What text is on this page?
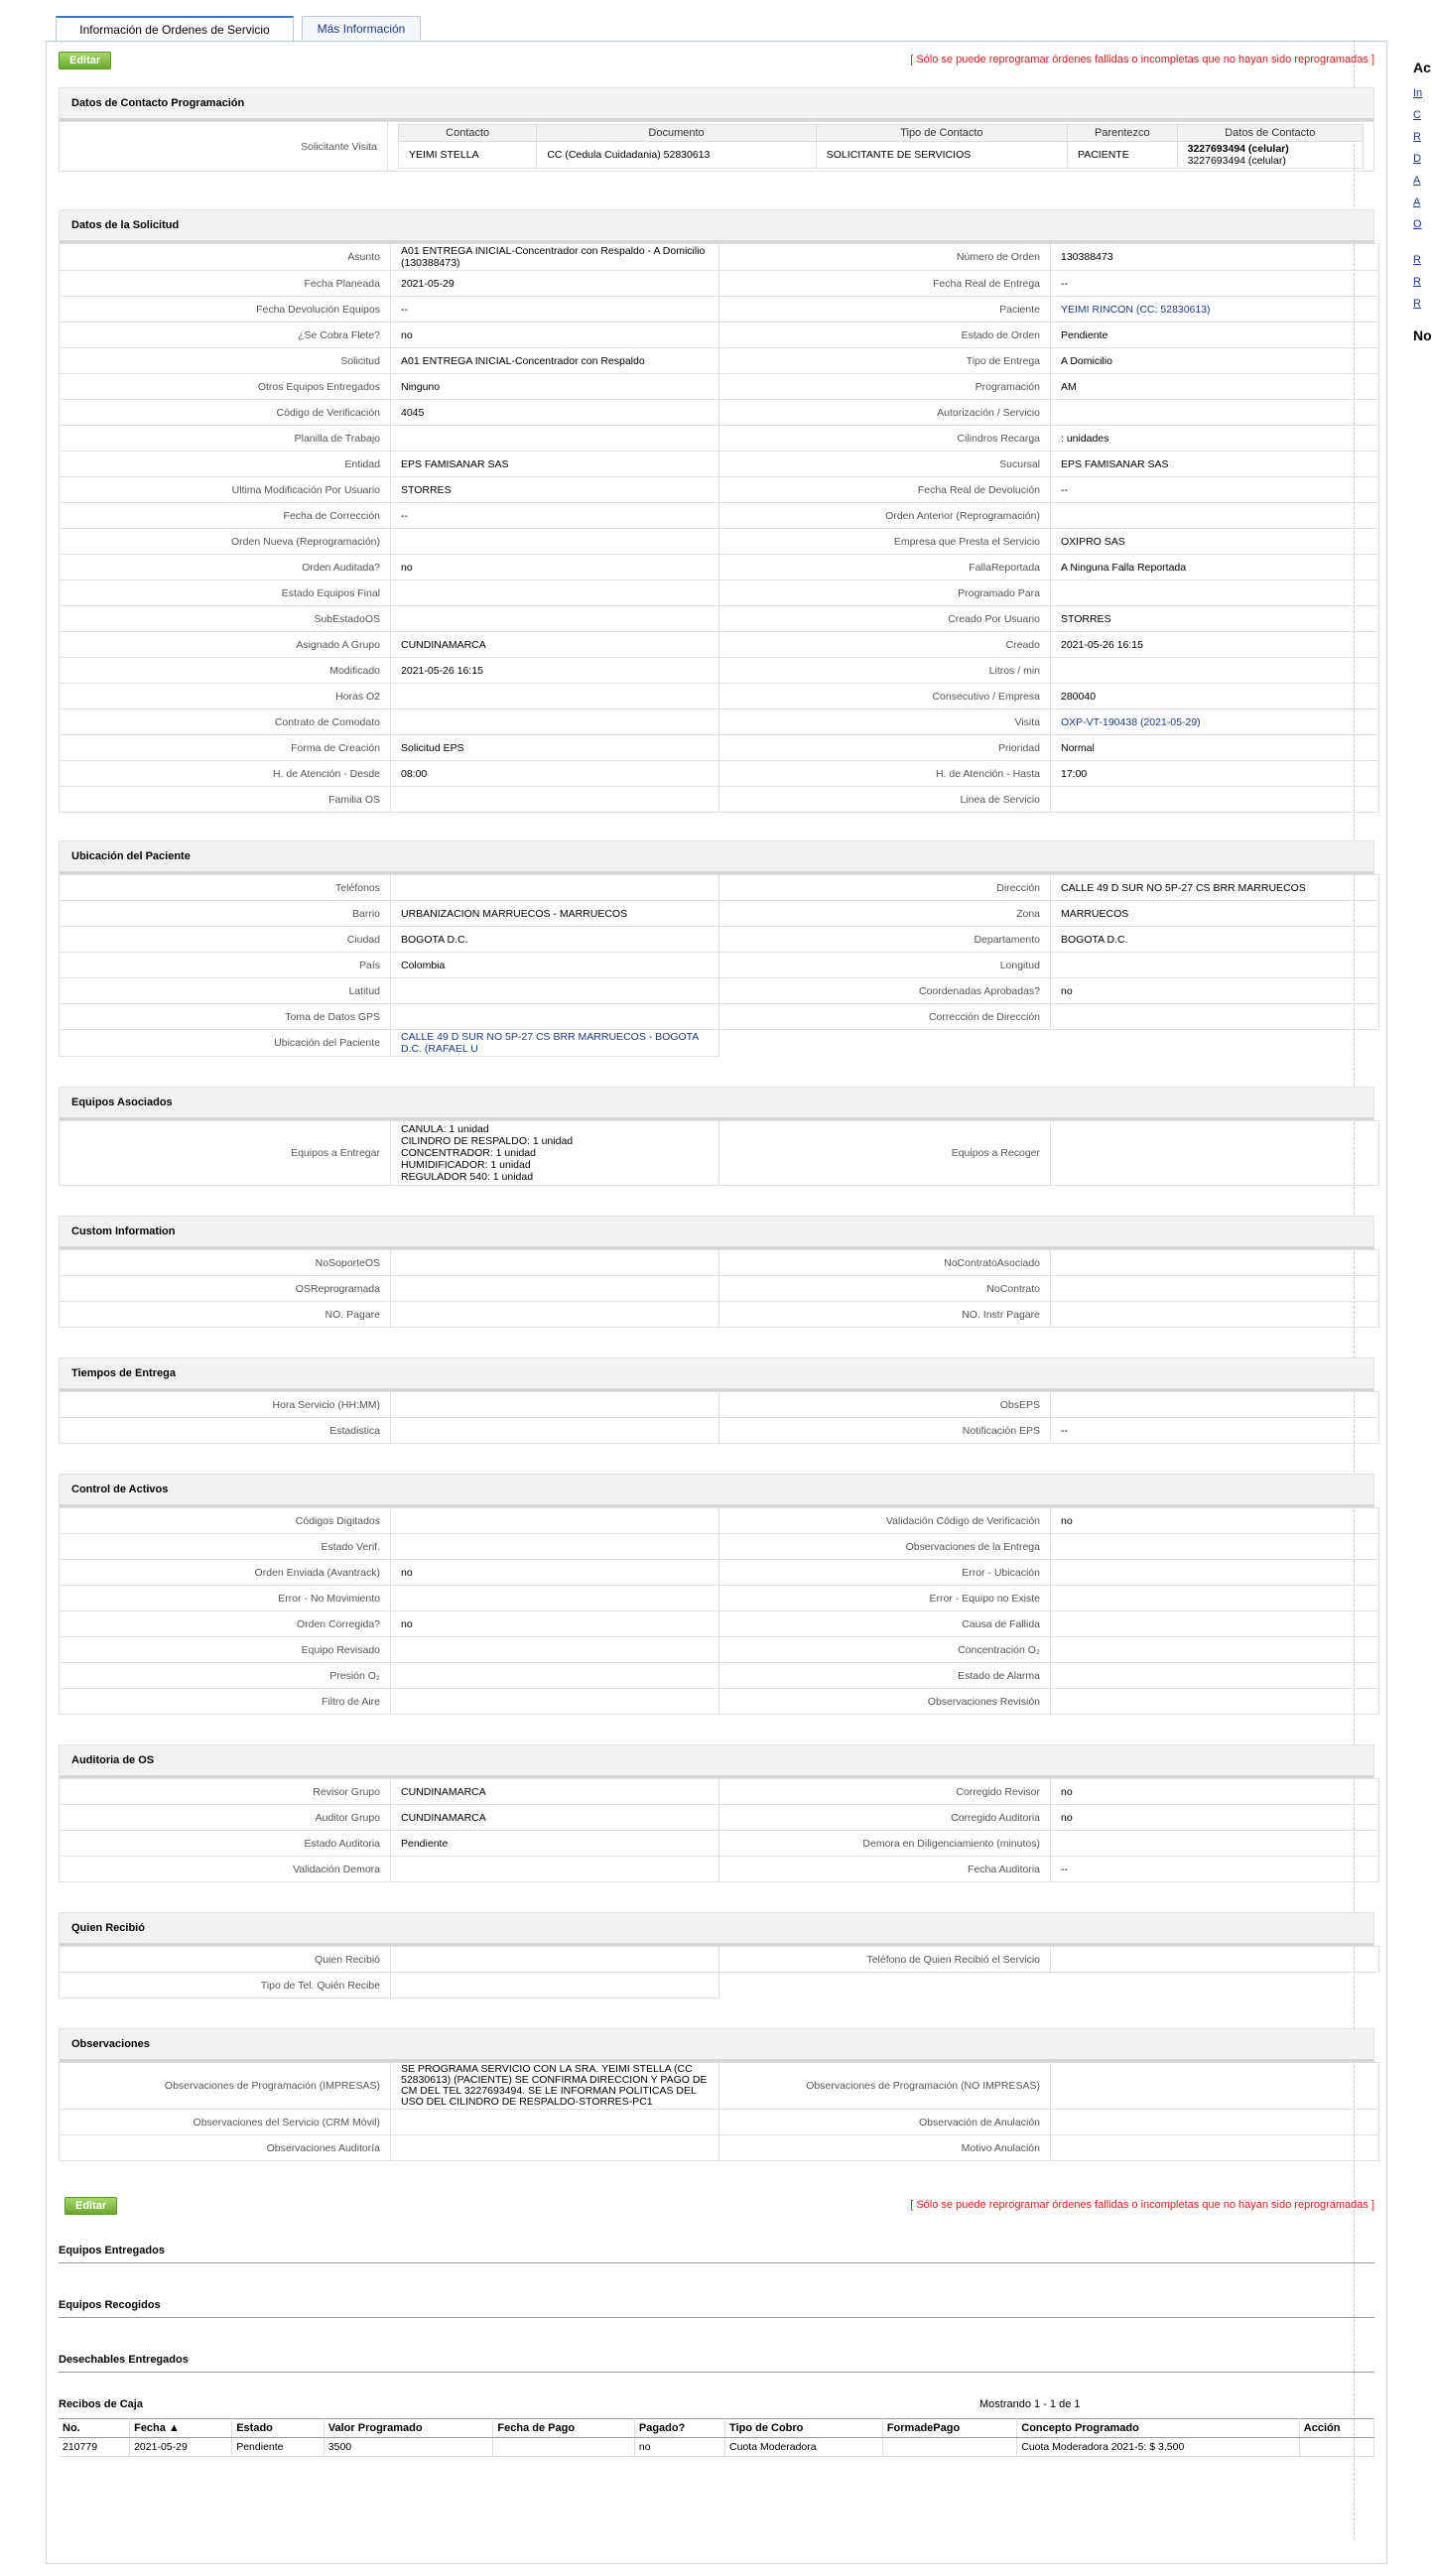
Ac
In
C
R
D
A
A
O
R
R
R
No
Información de Ordenes de Servicio	Más Información
Editar	[ Sólo se puede reprogramar órdenes fallidas o incompletas que no hayan sido reprogramadas ]
Datos de Contacto Programación
Solicitante Visita	
Contacto	Documento	Tipo de Contacto	Parentezco	Datos de Contacto
YEIMI STELLA	CC (Cedula Cuidadania) 52830613	SOLICITANTE DE SERVICIOS	PACIENTE	3227693494 (celular)
3227693494 (celular)
Datos de la Solicitud
Asunto	A01 ENTREGA INICIAL-Concentrador con Respaldo - A Domicilio (130388473)	Número de Orden	130388473
Fecha Planeada	2021-05-29	Fecha Real de Entrega	--
Fecha Devolución Equipos	--	Paciente	YEIMI RINCON (CC: 52830613)
¿Se Cobra Flete?	no	Estado de Orden	Pendiente
Solicitud	A01 ENTREGA INICIAL-Concentrador con Respaldo	Tipo de Entrega	A Domicilio
Otros Equipos Entregados	Ninguno	Programación	AM
Código de Verificación	4045	Autorización / Servicio	
Planilla de Trabajo		Cilindros Recarga	: unidades
Entidad	EPS FAMISANAR SAS	Sucursal	EPS FAMISANAR SAS
Ultima Modificación Por Usuario	STORRES	Fecha Real de Devolución	--
Fecha de Corrección	--	Orden Anterior (Reprogramación)	
Orden Nueva (Reprogramación)		Empresa que Presta el Servicio	OXIPRO SAS
Orden Auditada?	no	FallaReportada	A Ninguna Falla Reportada
Estado Equipos Final		Programado Para	
SubEstadoOS		Creado Por Usuario	STORRES
Asignado A Grupo	CUNDINAMARCA	Creado	2021-05-26 16:15
Modificado	2021-05-26 16:15	Litros / min	
Horas O2		Consecutivo / Empresa	280040
Contrato de Comodato		Visita	OXP-VT-190438 (2021-05-29)
Forma de Creación	Solicitud EPS	Prioridad	Normal
H. de Atención - Desde	08:00	H. de Atención - Hasta	17:00
Familia OS		Linea de Servicio	
Ubicación del Paciente
Teléfonos		Dirección	CALLE 49 D SUR NO 5P-27 CS BRR MARRUECOS
Barrio	URBANIZACION MARRUECOS - MARRUECOS	Zona	MARRUECOS
Ciudad	BOGOTA D.C.	Departamento	BOGOTA D.C.
País	Colombia	Longitud	
Latitud		Coordenadas Aprobadas?	no
Toma de Datos GPS		Corrección de Dirección	
Ubicación del Paciente	CALLE 49 D SUR NO 5P-27 CS BRR MARRUECOS - BOGOTA D.C. (RAFAEL U		
Equipos Asociados
Equipos a Entregar	CANULA: 1 unidad
CILINDRO DE RESPALDO: 1 unidad
CONCENTRADOR: 1 unidad
HUMIDIFICADOR: 1 unidad
REGULADOR 540: 1 unidad	Equipos a Recoger	
Custom Information
NoSoporteOS		NoContratoAsociado	
OSReprogramada		NoContrato	
NO. Pagare		NO. Instr Pagare	
Tiempos de Entrega
Hora Servicio (HH:MM)		ObsEPS	
Estadistica		Notificación EPS	--
Control de Activos
Códigos Digitados		Validación Código de Verificación	no
Estado Verif.		Observaciones de la Entrega	
Orden Enviada (Avantrack)	no	Error - Ubicación	
Error - No Movimiento		Error - Equipo no Existe	
Orden Corregida?	no	Causa de Fallida	
Equipo Revisado		Concentración O₂	
Presión O₂		Estado de Alarma	
Filtro de Aire		Observaciones Revisión	
Auditoria de OS
Revisor Grupo	CUNDINAMARCA	Corregido Revisor	no
Auditor Grupo	CUNDINAMARCA	Corregido Auditoria	no
Estado Auditoria	Pendiente	Demora en Diligenciamiento (minutos)	
Validación Demora		Fecha Auditoria	--
Quien Recibió
Quien Recibió		Teléfono de Quien Recibió el Servicio	
Tipo de Tel. Quién Recibe			
Observaciones
Observaciones de Programación (IMPRESAS)	SE PROGRAMA SERVICIO CON LA SRA. YEIMI STELLA (CC 52830613) (PACIENTE) SE CONFIRMA DIRECCION Y PAGO DE CM DEL TEL 3227693494. SE LE INFORMAN POLITICAS DEL USO DEL CILINDRO DE RESPALDO-STORRES-PC1	Observaciones de Programación (NO IMPRESAS)	
Observaciones del Servicio (CRM Móvil)		Observación de Anulación	
Observaciones Auditoría		Motivo Anulación	
Editar	[ Sólo se puede reprogramar órdenes fallidas o incompletas que no hayan sido reprogramadas ]
Equipos Entregados
Equipos Recogidos
Desechables Entregados
Recibos de Caja	Mostrando 1 - 1 de 1
No.	Fecha ▲	Estado	Valor Programado	Fecha de Pago	Pagado?	Tipo de Cobro	FormadePago	Concepto Programado	Acción
210779	2021-05-29	Pendiente	3500		no	Cuota Moderadora		Cuota Moderadora 2021-5: $ 3,500	
